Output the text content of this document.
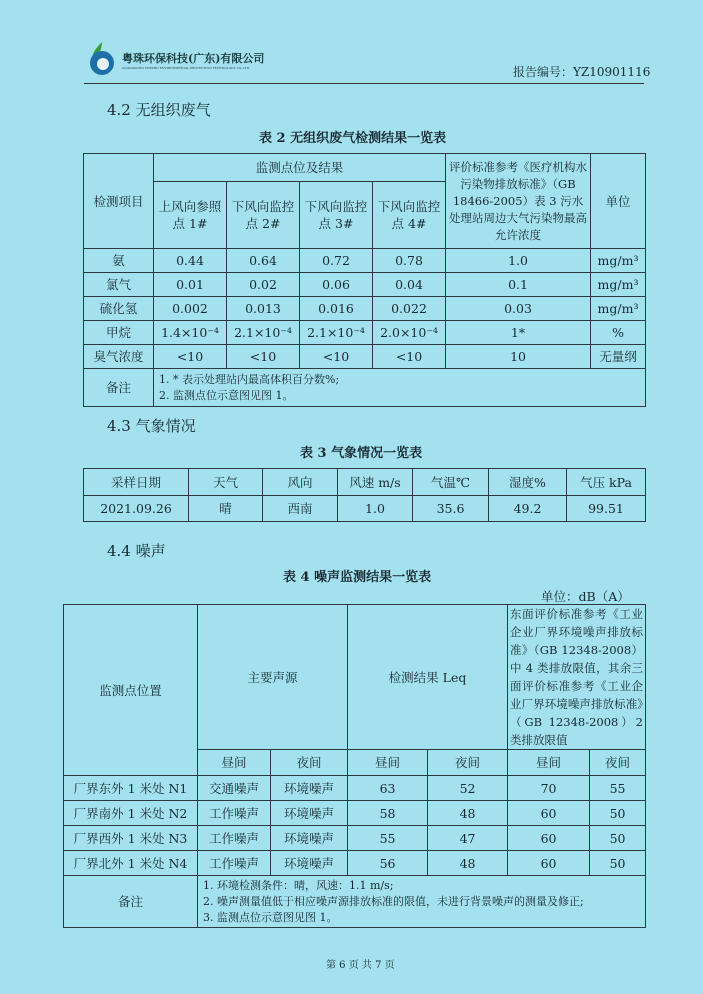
粤珠环保科技(广东)有限公司
GUANGDONG YUEZHU ENVIRONMENTAL PROTECTION TECHNOLOGY CO.,LTD.	报告编号：YZ10901116
4.2 无组织废气
表 2 无组织废气检测结果一览表
检测项目	监测点位及结果				评价标准参考《医疗机构水污染物排放标准》（GB 18466-2005）表 3 污水处理站周边大气污染物最高允许浓度	单位
	上风向参照点 1#	下风向监控点 2#	下风向监控点 3#	下风向监控点 4#		
氨	0.44	0.64	0.72	0.78	1.0	mg/m³
氯气	0.01	0.02	0.06	0.04	0.1	mg/m³
硫化氢	0.002	0.013	0.016	0.022	0.03	mg/m³
甲烷	1.4×10⁻⁴	2.1×10⁻⁴	2.1×10⁻⁴	2.0×10⁻⁴	1*	%
臭气浓度	<10	<10	<10	<10	10	无量纲
备注	1. * 表示处理站内最高体积百分数%;
2. 监测点位示意图见图 1。					
4.3 气象情况
表 3 气象情况一览表
采样日期	天气	风向	风速 m/s	气温℃	湿度%	气压 kPa
2021.09.26	晴	西南	1.0	35.6	49.2	99.51
4.4 噪声
表 4 噪声监测结果一览表
单位：dB（A）
监测点位置	主要声源		检测结果 Leq		东面评价标准参考《工业企业厂界环境噪声排放标准》（GB 12348-2008）中 4 类排放限值，其余三面评价标准参考《工业企业厂界环境噪声排放标准》（GB 12348-2008）2 类排放限值	
	昼间	夜间	昼间	夜间	昼间	夜间
厂界东外 1 米处 N1	交通噪声	环境噪声	63	52	70	55
厂界南外 1 米处 N2	工作噪声	环境噪声	58	48	60	50
厂界西外 1 米处 N3	工作噪声	环境噪声	55	47	60	50
厂界北外 1 米处 N4	工作噪声	环境噪声	56	48	60	50
备注	1. 环境检测条件：晴，风速：1.1 m/s;
2. 噪声测量值低于相应噪声源排放标准的限值，未进行背景噪声的测量及修正;
3. 监测点位示意图见图 1。					
第 6 页 共 7 页
